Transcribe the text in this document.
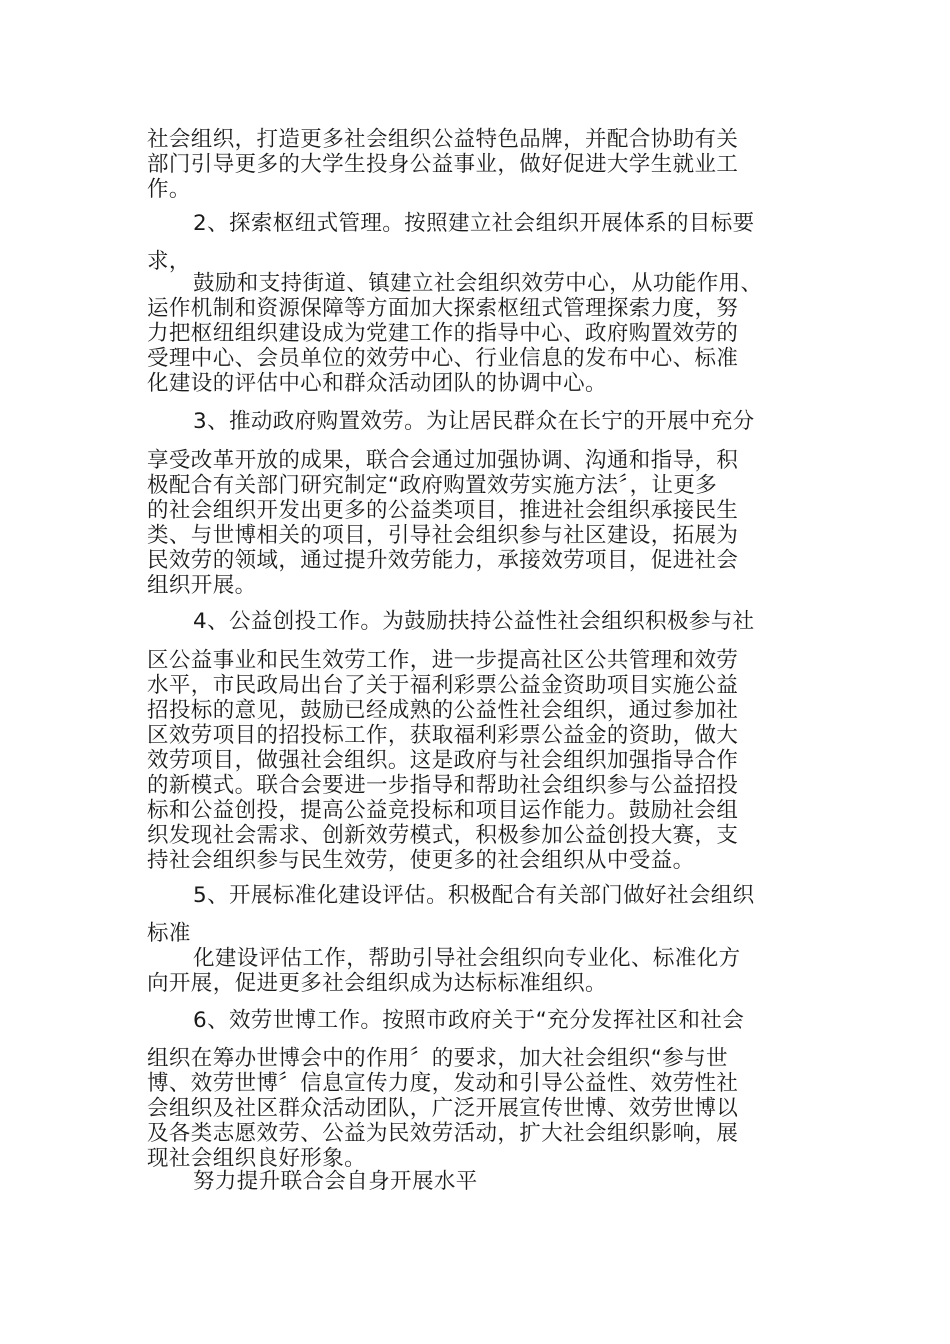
社会组织，打造更多社会组织公益特色品牌，并配合协助有关
部门引导更多的大学生投身公益事业，做好促进大学生就业工
作。
2、探索枢纽式管理。按照建立社会组织开展体系的目标要
求，
鼓励和支持街道、镇建立社会组织效劳中心，从功能作用、
运作机制和资源保障等方面加大探索枢纽式管理探索力度，努
力把枢纽组织建设成为党建工作的指导中心、政府购置效劳的
受理中心、会员单位的效劳中心、行业信息的发布中心、标准
化建设的评估中心和群众活动团队的协调中心。
3、推动政府购置效劳。为让居民群众在长宁的开展中充分
享受改革开放的成果，联合会通过加强协调、沟通和指导，积
极配合有关部门研究制定“政府购置效劳实施方法〞，让更多
的社会组织开发出更多的公益类项目，推进社会组织承接民生
类、与世博相关的项目，引导社会组织参与社区建设，拓展为
民效劳的领域，通过提升效劳能力，承接效劳项目，促进社会
组织开展。
4、公益创投工作。为鼓励扶持公益性社会组织积极参与社
区公益事业和民生效劳工作，进一步提高社区公共管理和效劳
水平，市民政局出台了关于福利彩票公益金资助项目实施公益
招投标的意见，鼓励已经成熟的公益性社会组织，通过参加社
区效劳项目的招投标工作，获取福利彩票公益金的资助，做大
效劳项目，做强社会组织。这是政府与社会组织加强指导合作
的新模式。联合会要进一步指导和帮助社会组织参与公益招投
标和公益创投，提高公益竞投标和项目运作能力。鼓励社会组
织发现社会需求、创新效劳模式，积极参加公益创投大赛，支
持社会组织参与民生效劳，使更多的社会组织从中受益。
5、开展标准化建设评估。积极配合有关部门做好社会组织
标准
化建设评估工作，帮助引导社会组织向专业化、标准化方
向开展，促进更多社会组织成为达标标准组织。
6、效劳世博工作。按照市政府关于“充分发挥社区和社会
组织在筹办世博会中的作用〞的要求，加大社会组织“参与世
博、效劳世博〞信息宣传力度，发动和引导公益性、效劳性社
会组织及社区群众活动团队，广泛开展宣传世博、效劳世博以
及各类志愿效劳、公益为民效劳活动，扩大社会组织影响，展
现社会组织良好形象。
努力提升联合会自身开展水平
